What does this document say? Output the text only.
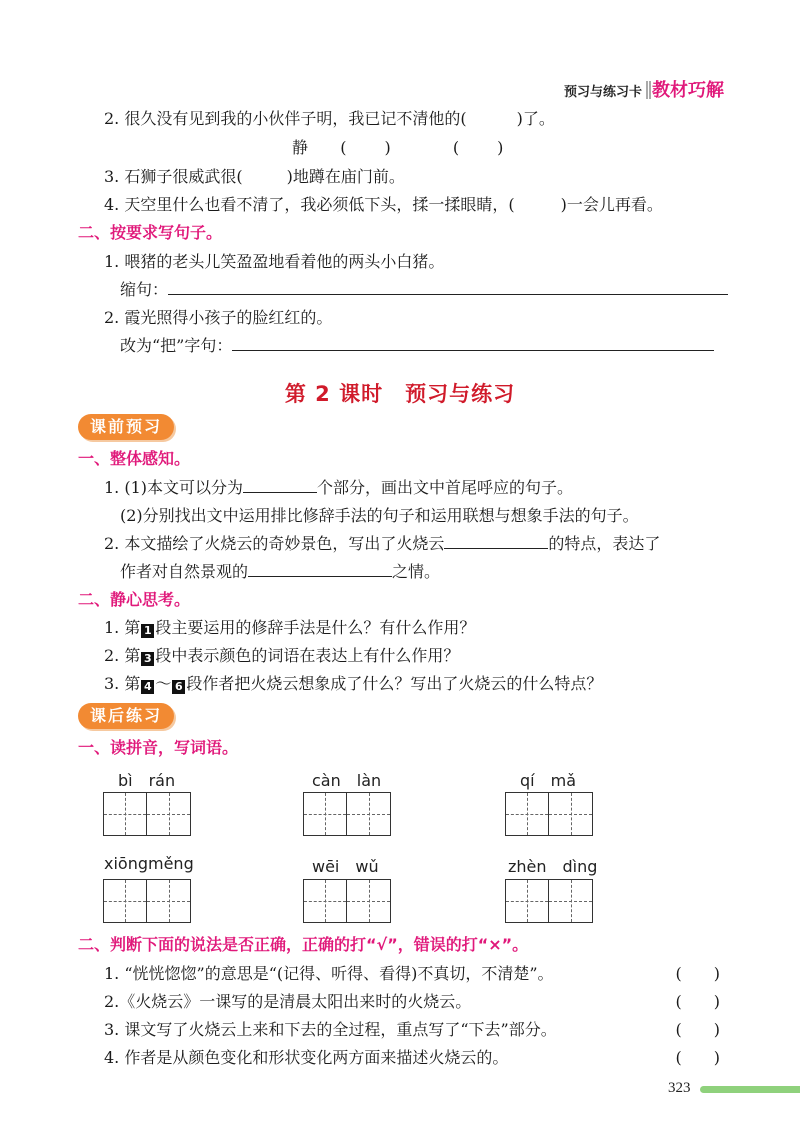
预习与练习卡 教材巧解
2. 很久没有见到我的小伙伴子明，我已记不清他的(	)了。
静 ( )	( )
3. 石狮子很威武很(	)地蹲在庙门前。
4. 天空里什么也看不清了，我必须低下头，揉一揉眼睛，(	)一会儿再看。
二、按要求写句子。
1. 喂猪的老头儿笑盈盈地看着他的两头小白猪。
缩句：
2. 霞光照得小孩子的脸红红的。
改为“把”字句：
第 2 课时　预习与练习
课前预习
一、整体感知。
1. (1)本文可以分为	个部分，画出文中首尾呼应的句子。
(2)分别找出文中运用排比修辞手法的句子和运用联想与想象手法的句子。
2. 本文描绘了火烧云的奇妙景色，写出了火烧云	的特点，表达了
作者对自然景观的	之情。
二、静心思考。
1. 第 1 段主要运用的修辞手法是什么？有什么作用？
2. 第 3 段中表示颜色的词语在表达上有什么作用？
3. 第 4 ～ 6 段作者把火烧云想象成了什么？写出了火烧云的什么特点？
课后练习
一、读拼音，写词语。
bì　rán	càn　làn	qí　mǎ
xiōngměng	wēi　wǔ	zhèn　dìng
二、判断下面的说法是否正确，正确的打“√”，错误的打“×”。
1. “恍恍惚惚”的意思是“(记得、听得、看得)不真切，不清楚”。	(　　)
2.《火烧云》一课写的是清晨太阳出来时的火烧云。	(　　)
3. 课文写了火烧云上来和下去的全过程，重点写了“下去”部分。	(　　)
4. 作者是从颜色变化和形状变化两方面来描述火烧云的。	(　　)
323
